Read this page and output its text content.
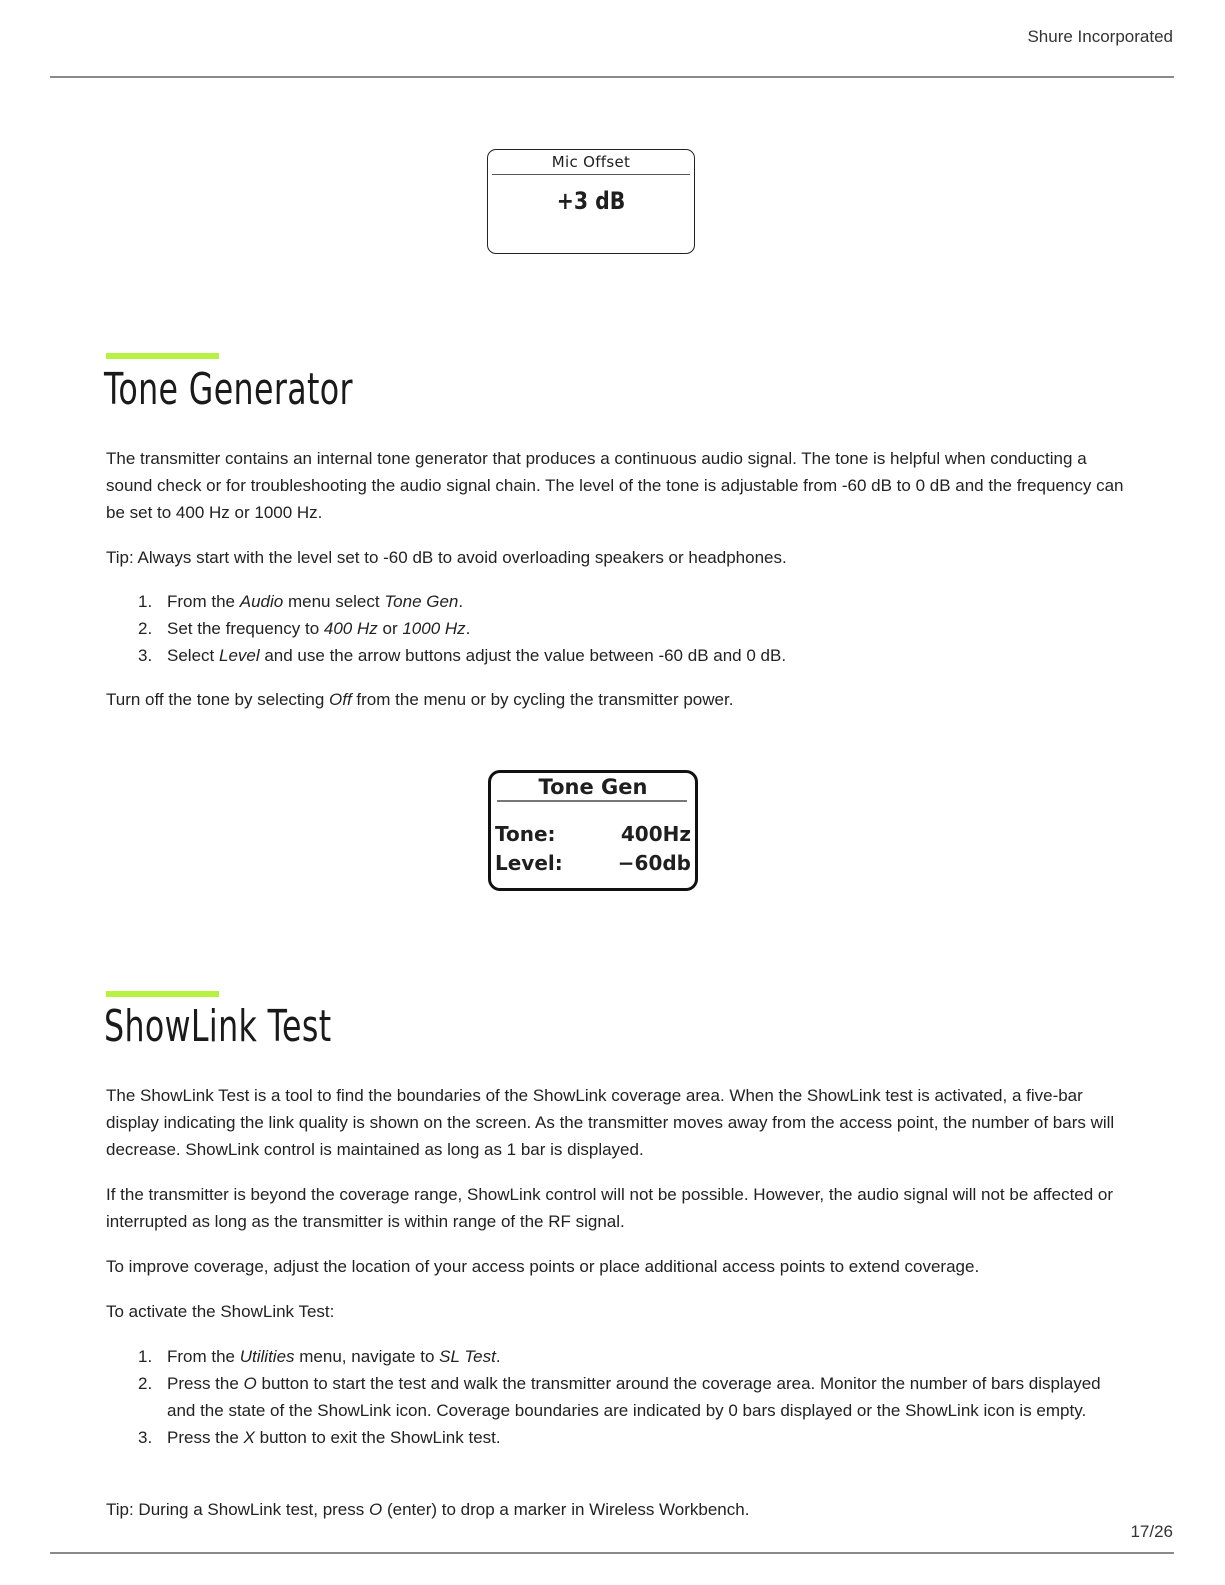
Shure Incorporated
Mic Offset
+3 dB
Tone Generator

The transmitter contains an internal tone generator that produces a continuous audio signal. The tone is helpful when conducting a sound check or for troubleshooting the audio signal chain. The level of the tone is adjustable from -60 dB to 0 dB and the frequency can be set to 400 Hz or 1000 Hz.

Tip: Always start with the level set to -60 dB to avoid overloading speakers or headphones.

1. From the Audio menu select Tone Gen.
2. Set the frequency to 400 Hz or 1000 Hz.
3. Select Level and use the arrow buttons adjust the value between -60 dB and 0 dB.

Turn off the tone by selecting Off from the menu or by cycling the transmitter power.

Tone Gen
Tone:	400Hz
Level:	−60db
ShowLink Test

The ShowLink Test is a tool to find the boundaries of the ShowLink coverage area. When the ShowLink test is activated, a five-bar display indicating the link quality is shown on the screen. As the transmitter moves away from the access point, the number of bars will decrease. ShowLink control is maintained as long as 1 bar is displayed.

If the transmitter is beyond the coverage range, ShowLink control will not be possible. However, the audio signal will not be affected or interrupted as long as the transmitter is within range of the RF signal.

To improve coverage, adjust the location of your access points or place additional access points to extend coverage.

To activate the ShowLink Test:

1. From the Utilities menu, navigate to SL Test.
2. Press the O button to start the test and walk the transmitter around the coverage area. Monitor the number of bars displayed and the state of the ShowLink icon. Coverage boundaries are indicated by 0 bars displayed or the ShowLink icon is empty.
3. Press the X button to exit the ShowLink test.

Tip: During a ShowLink test, press O (enter) to drop a marker in Wireless Workbench.

17/26
